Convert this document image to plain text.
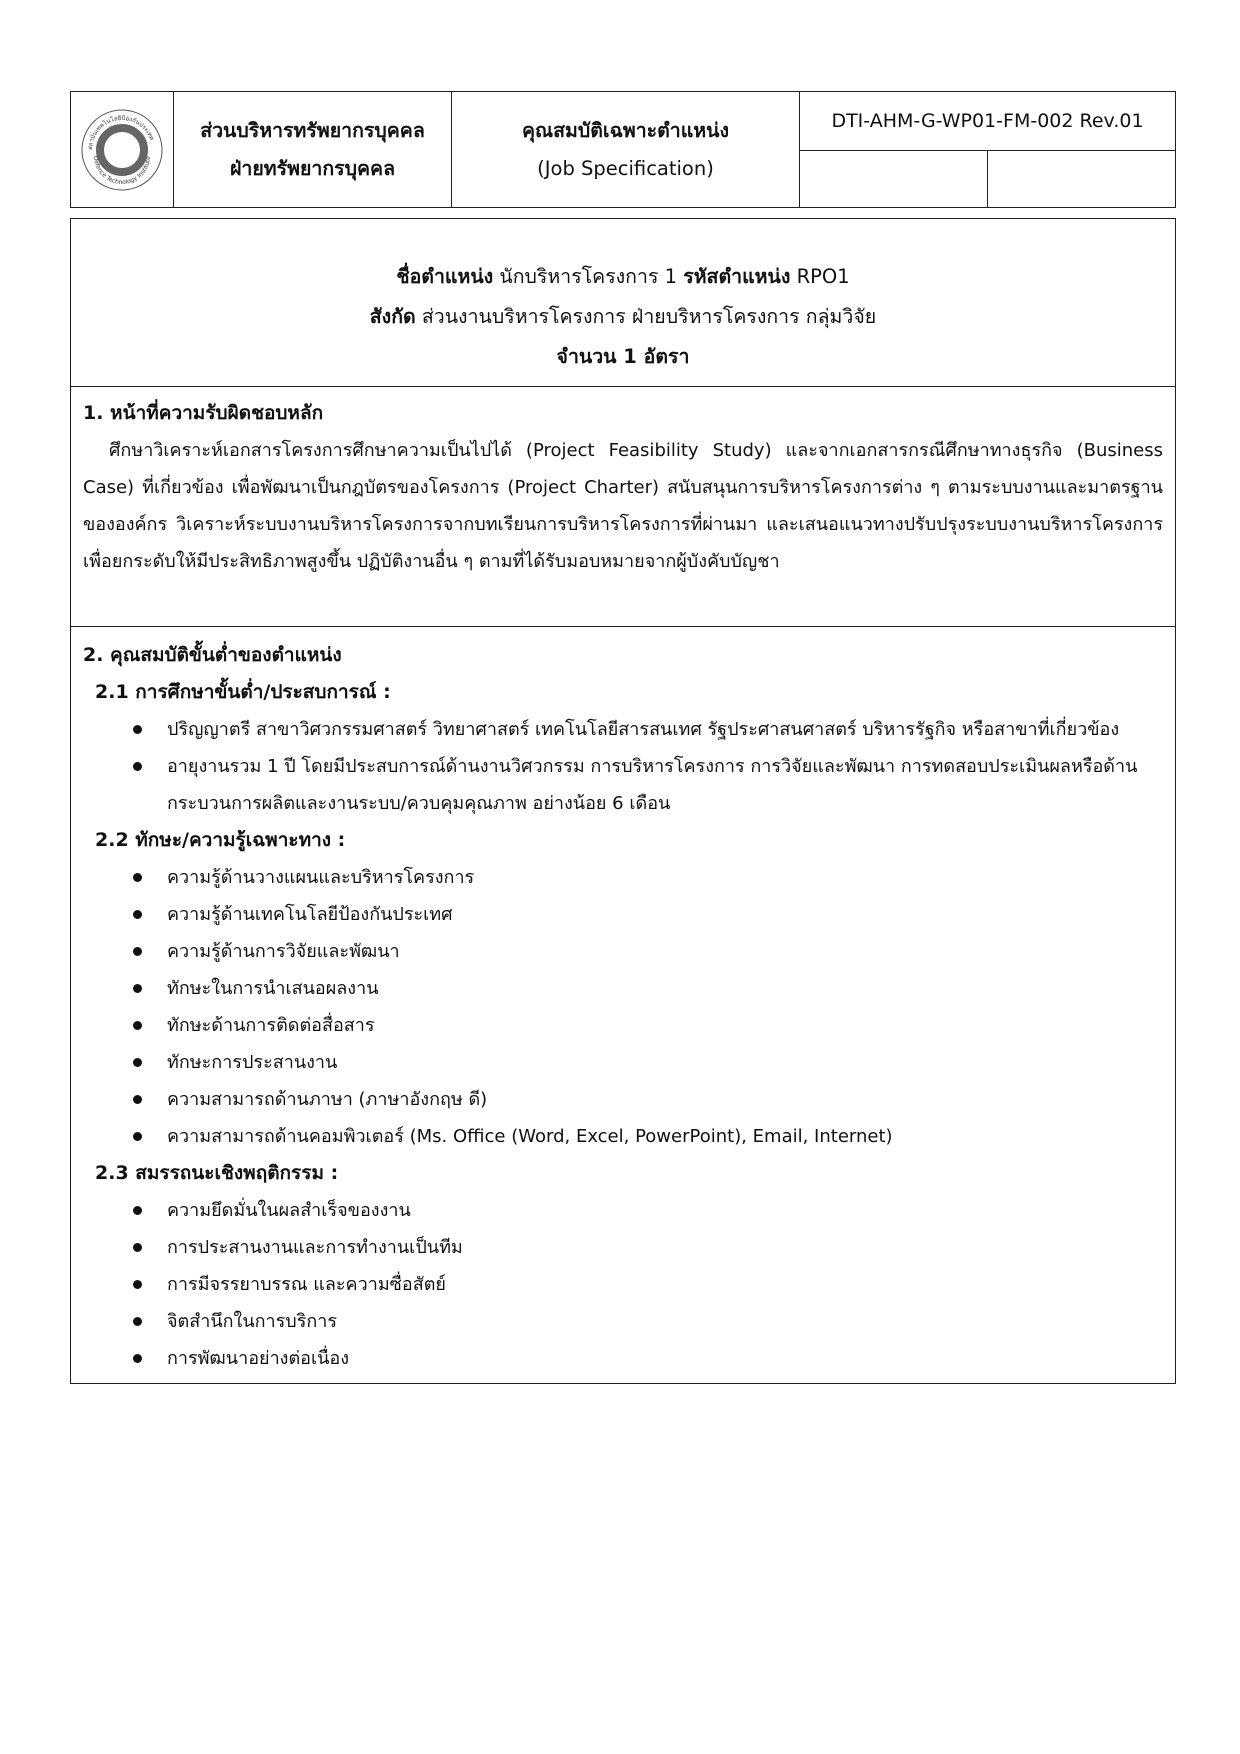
สถาบันเทคโนโลยีป้องกันประเทศ
Defence Technology Institute
ส่วนบริหารทรัพยากรบุคคล
ฝ่ายทรัพยากรบุคคล
คุณสมบัติเฉพาะตำแหน่ง
(Job Specification)
DTI-AHM-G-WP01-FM-002 Rev.01
ชื่อตำแหน่ง นักบริหารโครงการ 1 รหัสตำแหน่ง RPO1
สังกัด ส่วนงานบริหารโครงการ ฝ่ายบริหารโครงการ กลุ่มวิจัย
จำนวน 1 อัตรา
1. หน้าที่ความรับผิดชอบหลัก
ศึกษาวิเคราะห์เอกสารโครงการศึกษาความเป็นไปได้ (Project Feasibility Study) และจากเอกสารกรณีศึกษาทางธุรกิจ (Business Case) ที่เกี่ยวข้อง เพื่อพัฒนาเป็นกฎบัตรของโครงการ (Project Charter) สนับสนุนการบริหารโครงการต่าง ๆ ตามระบบงานและมาตรฐานขององค์กร วิเคราะห์ระบบงานบริหารโครงการจากบทเรียนการบริหารโครงการที่ผ่านมา และเสนอแนวทางปรับปรุงระบบงานบริหารโครงการ เพื่อยกระดับให้มีประสิทธิภาพสูงขึ้น ปฏิบัติงานอื่น ๆ ตามที่ได้รับมอบหมายจากผู้บังคับบัญชา
2. คุณสมบัติขั้นต่ำของตำแหน่ง
2.1 การศึกษาขั้นต่ำ/ประสบการณ์ :
ปริญญาตรี สาขาวิศวกรรมศาสตร์ วิทยาศาสตร์ เทคโนโลยีสารสนเทศ รัฐประศาสนศาสตร์ บริหารรัฐกิจ หรือสาขาที่เกี่ยวข้อง
อายุงานรวม 1 ปี โดยมีประสบการณ์ด้านงานวิศวกรรม การบริหารโครงการ การวิจัยและพัฒนา การทดสอบประเมินผลหรือด้านกระบวนการผลิตและงานระบบ/ควบคุมคุณภาพ อย่างน้อย 6 เดือน
2.2 ทักษะ/ความรู้เฉพาะทาง :
ความรู้ด้านวางแผนและบริหารโครงการ
ความรู้ด้านเทคโนโลยีป้องกันประเทศ
ความรู้ด้านการวิจัยและพัฒนา
ทักษะในการนำเสนอผลงาน
ทักษะด้านการติดต่อสื่อสาร
ทักษะการประสานงาน
ความสามารถด้านภาษา (ภาษาอังกฤษ ดี)
ความสามารถด้านคอมพิวเตอร์ (Ms. Office (Word, Excel, PowerPoint), Email, Internet)
2.3 สมรรถนะเชิงพฤติกรรม :
ความยึดมั่นในผลสำเร็จของงาน
การประสานงานและการทำงานเป็นทีม
การมีจรรยาบรรณ และความซื่อสัตย์
จิตสำนึกในการบริการ
การพัฒนาอย่างต่อเนื่อง
